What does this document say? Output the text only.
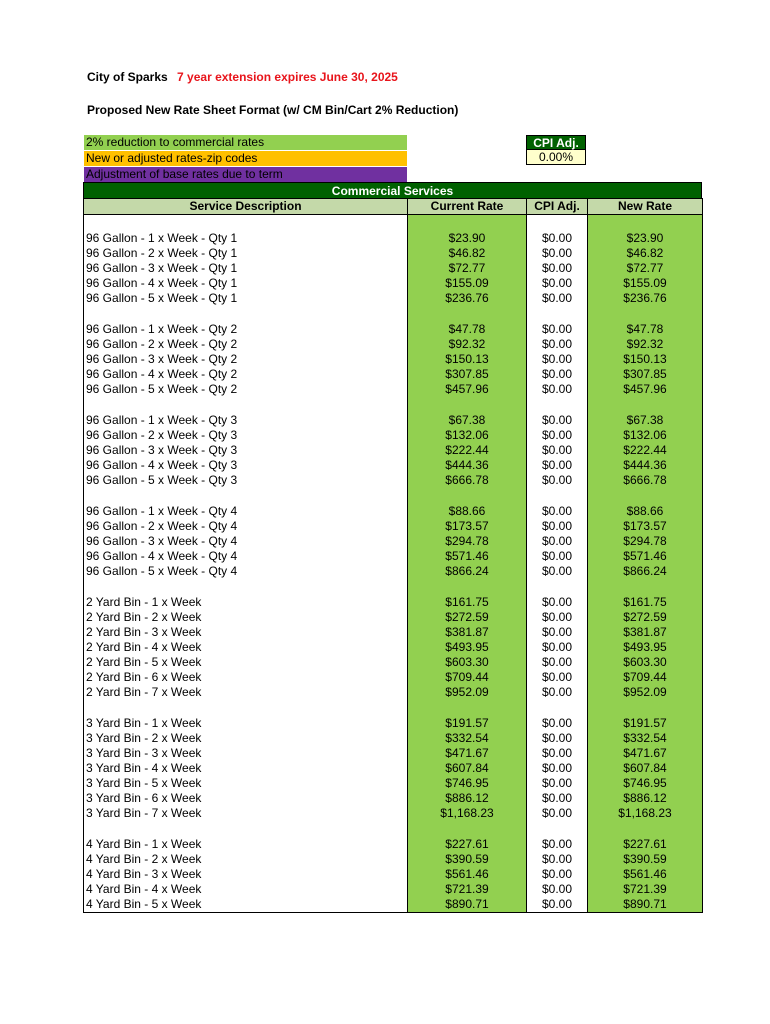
City of Sparks 7 year extension expires June 30, 2025
Proposed New Rate Sheet Format (w/ CM Bin/Cart 2% Reduction)
2% reduction to commercial rates
New or adjusted rates-zip codes
Adjustment of base rates due to term
CPI Adj.
0.00%
Commercial Services
Service Description	Current Rate	CPI Adj.	New Rate

96 Gallon - 1 x Week - Qty 1	$23.90	$0.00	$23.90
96 Gallon - 2 x Week - Qty 1	$46.82	$0.00	$46.82
96 Gallon - 3 x Week - Qty 1	$72.77	$0.00	$72.77
96 Gallon - 4 x Week - Qty 1	$155.09	$0.00	$155.09
96 Gallon - 5 x Week - Qty 1	$236.76	$0.00	$236.76

96 Gallon - 1 x Week - Qty 2	$47.78	$0.00	$47.78
96 Gallon - 2 x Week - Qty 2	$92.32	$0.00	$92.32
96 Gallon - 3 x Week - Qty 2	$150.13	$0.00	$150.13
96 Gallon - 4 x Week - Qty 2	$307.85	$0.00	$307.85
96 Gallon - 5 x Week - Qty 2	$457.96	$0.00	$457.96

96 Gallon - 1 x Week - Qty 3	$67.38	$0.00	$67.38
96 Gallon - 2 x Week - Qty 3	$132.06	$0.00	$132.06
96 Gallon - 3 x Week - Qty 3	$222.44	$0.00	$222.44
96 Gallon - 4 x Week - Qty 3	$444.36	$0.00	$444.36
96 Gallon - 5 x Week - Qty 3	$666.78	$0.00	$666.78

96 Gallon - 1 x Week - Qty 4	$88.66	$0.00	$88.66
96 Gallon - 2 x Week - Qty 4	$173.57	$0.00	$173.57
96 Gallon - 3 x Week - Qty 4	$294.78	$0.00	$294.78
96 Gallon - 4 x Week - Qty 4	$571.46	$0.00	$571.46
96 Gallon - 5 x Week - Qty 4	$866.24	$0.00	$866.24

2 Yard Bin - 1 x Week	$161.75	$0.00	$161.75
2 Yard Bin - 2 x Week	$272.59	$0.00	$272.59
2 Yard Bin - 3 x Week	$381.87	$0.00	$381.87
2 Yard Bin - 4 x Week	$493.95	$0.00	$493.95
2 Yard Bin - 5 x Week	$603.30	$0.00	$603.30
2 Yard Bin - 6 x Week	$709.44	$0.00	$709.44
2 Yard Bin - 7 x Week	$952.09	$0.00	$952.09

3 Yard Bin - 1 x Week	$191.57	$0.00	$191.57
3 Yard Bin - 2 x Week	$332.54	$0.00	$332.54
3 Yard Bin - 3 x Week	$471.67	$0.00	$471.67
3 Yard Bin - 4 x Week	$607.84	$0.00	$607.84
3 Yard Bin - 5 x Week	$746.95	$0.00	$746.95
3 Yard Bin - 6 x Week	$886.12	$0.00	$886.12
3 Yard Bin - 7 x Week	$1,168.23	$0.00	$1,168.23

4 Yard Bin - 1 x Week	$227.61	$0.00	$227.61
4 Yard Bin - 2 x Week	$390.59	$0.00	$390.59
4 Yard Bin - 3 x Week	$561.46	$0.00	$561.46
4 Yard Bin - 4 x Week	$721.39	$0.00	$721.39
4 Yard Bin - 5 x Week	$890.71	$0.00	$890.71
